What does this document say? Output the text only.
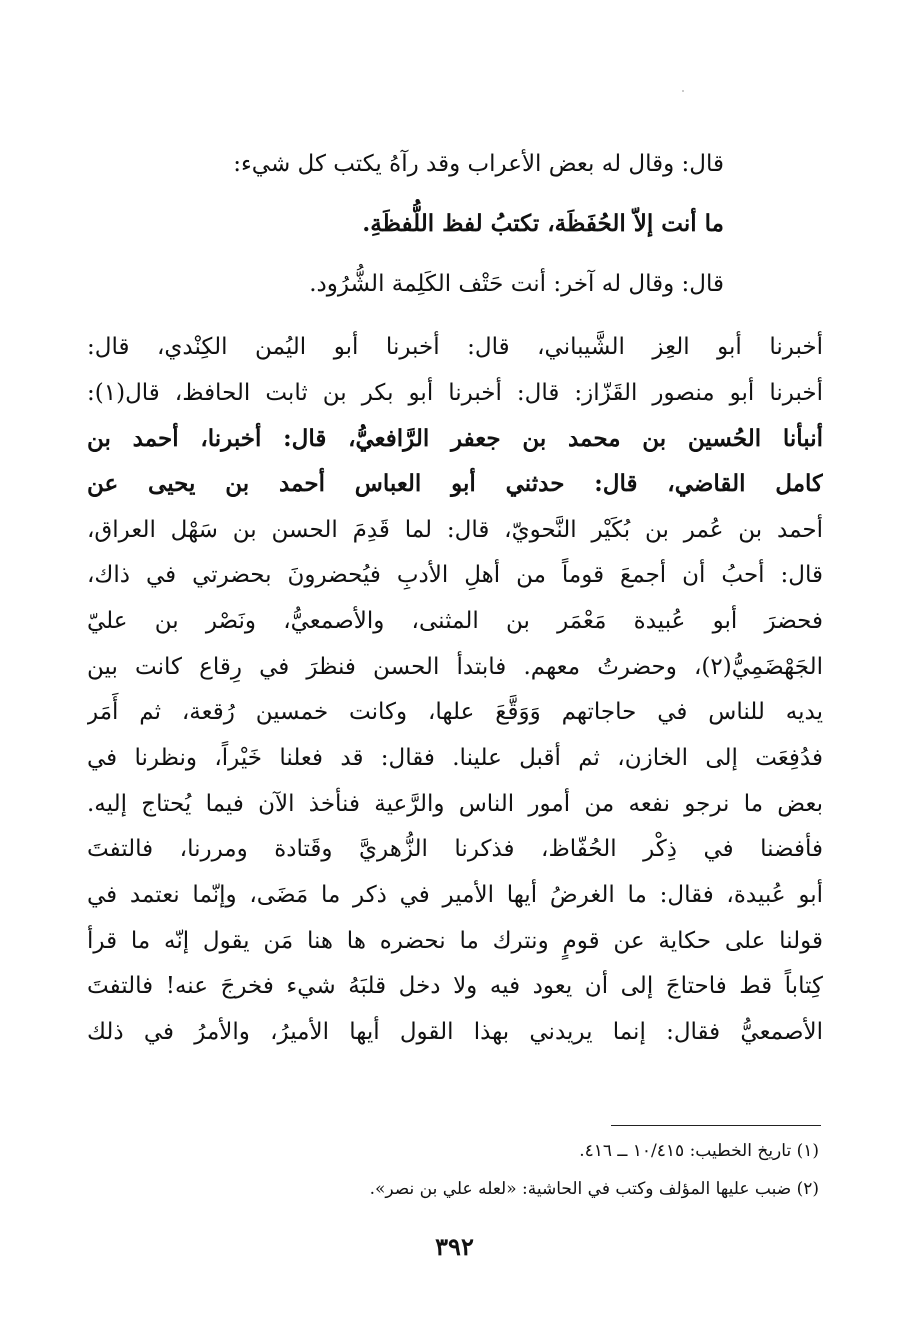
قال: وقال له بعض الأعراب وقد رآهُ يكتب كل شيء:
ما أنت إلاّ الحُفَظَة، تكتبُ لفظ اللُّفظَةِ.
قال: وقال له آخر: أنت حَتْف الكَلِمة الشُّرُود.
أخبرنا أبو العِز الشَّيباني، قال: أخبرنا أبو اليُمن الكِنْدي، قال:
أخبرنا أبو منصور القَزّاز: قال: أخبرنا أبو بكر بن ثابت الحافظ، قال(١):
أنبأنا الحُسين بن محمد بن جعفر الرَّافعيُّ، قال: أخبرنا، أحمد بن
كامل القاضي، قال: حدثني أبو العباس أحمد بن يحيى عن
أحمد بن عُمر بن بُكَيْر النَّحويّ، قال: لما قَدِمَ الحسن بن سَهْل العراق،
قال: أحبُ أن أجمعَ قوماً من أهلِ الأدبِ فيُحضرونَ بحضرتي في ذاك،
فحضرَ أبو عُبيدة مَعْمَر بن المثنى، والأصمعيُّ، ونَصْر بن عليّ
الجَهْضَمِيُّ(٢)، وحضرتُ معهم. فابتدأ الحسن فنظرَ في رِقاع كانت بين
يديه للناس في حاجاتهم وَوَقَّعَ علها، وكانت خمسين رُقعة، ثم أَمَر
فدُفِعَت إلى الخازن، ثم أقبل علينا. فقال: قد فعلنا خَيْراً، ونظرنا في
بعض ما نرجو نفعه من أمور الناس والرَّعية فنأخذ الآن فيما يُحتاج إليه.
فأفضنا في ذِكْر الحُفّاظ، فذكرنا الزُّهريَّ وقَتادة ومررنا، فالتفتَ
أبو عُبيدة، فقال: ما الغرضُ أيها الأمير في ذكر ما مَضَى، وإنّما نعتمد في
قولنا على حكاية عن قومٍ ونترك ما نحضره ها هنا مَن يقول إنّه ما قرأ
كِتاباً قط فاحتاجَ إلى أن يعود فيه ولا دخل قلبَهُ شيء فخرجَ عنه! فالتفتَ
الأصمعيُّ فقال: إنما يريدني بهذا القول أيها الأميرُ، والأمرُ في ذلك
(١) تاريخ الخطيب: ١٠/٤١٥ ــ ٤١٦.
(٢) ضبب عليها المؤلف وكتب في الحاشية: «لعله علي بن نصر».
٣٩٢
